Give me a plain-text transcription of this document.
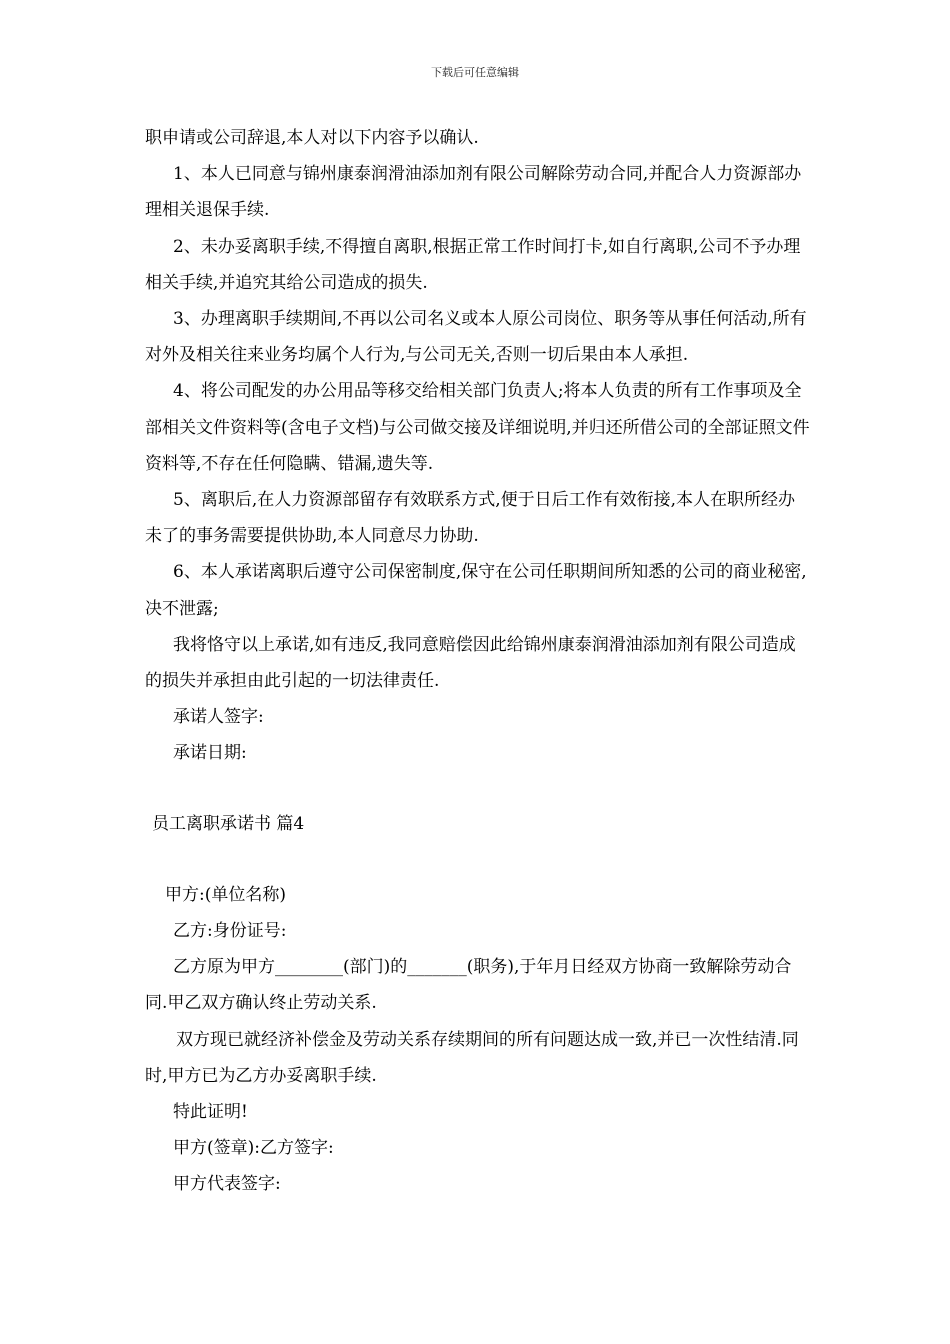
下载后可任意编辑

职申请或公司辞退,本人对以下内容予以确认.

1、本人已同意与锦州康泰润滑油添加剂有限公司解除劳动合同,并配合人力资源部办理相关退保手续.

2、未办妥离职手续,不得擅自离职,根据正常工作时间打卡,如自行离职,公司不予办理相关手续,并追究其给公司造成的损失.

3、办理离职手续期间,不再以公司名义或本人原公司岗位、职务等从事任何活动,所有对外及相关往来业务均属个人行为,与公司无关,否则一切后果由本人承担.

4、将公司配发的办公用品等移交给相关部门负责人;将本人负责的所有工作事项及全部相关文件资料等(含电子文档)与公司做交接及详细说明,并归还所借公司的全部证照文件资料等,不存在任何隐瞒、错漏,遗失等.

5、离职后,在人力资源部留存有效联系方式,便于日后工作有效衔接,本人在职所经办未了的事务需要提供协助,本人同意尽力协助.

6、本人承诺离职后遵守公司保密制度,保守在公司任职期间所知悉的公司的商业秘密,决不泄露;

我将恪守以上承诺,如有违反,我同意赔偿因此给锦州康泰润滑油添加剂有限公司造成的损失并承担由此引起的一切法律责任.

承诺人签字:

承诺日期:

员工离职承诺书 篇4

甲方:(单位名称)

乙方:身份证号:

乙方原为甲方________(部门)的_______(职务),于年月日经双方协商一致解除劳动合同.甲乙双方确认终止劳动关系.

双方现已就经济补偿金及劳动关系存续期间的所有问题达成一致,并已一次性结清.同时,甲方已为乙方办妥离职手续.

特此证明!

甲方(签章):乙方签字:

甲方代表签字:
